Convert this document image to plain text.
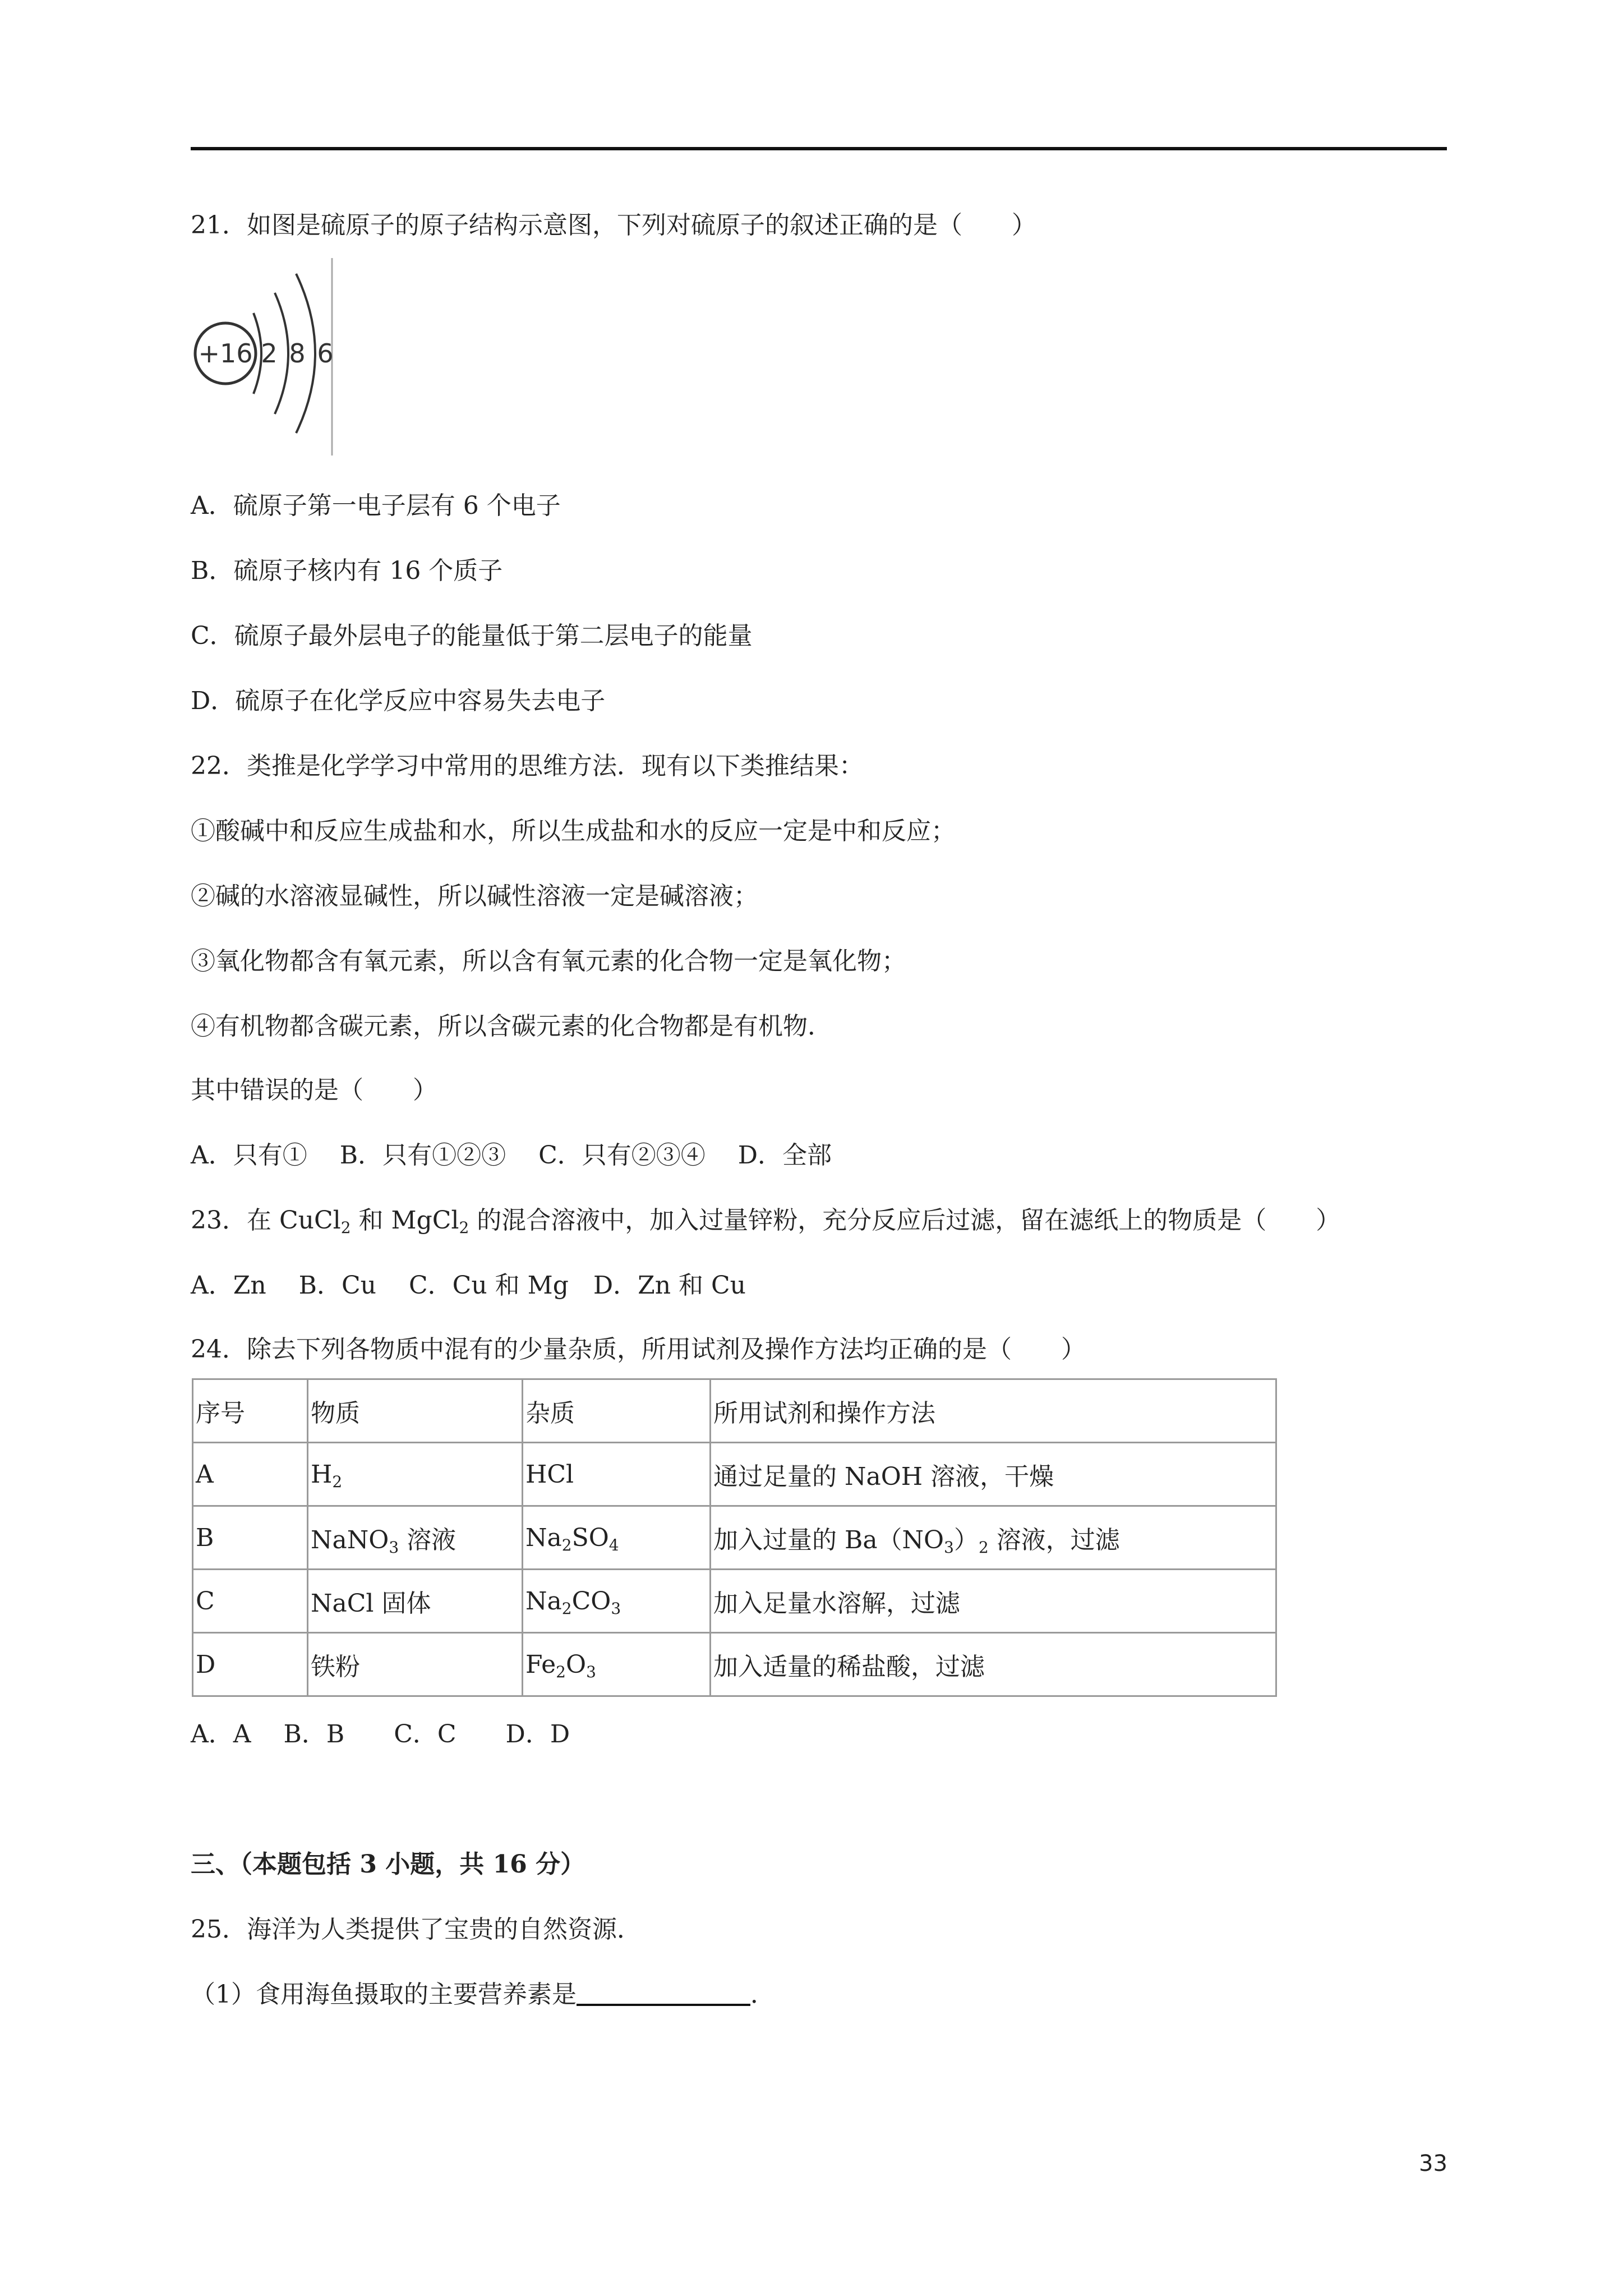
21．如图是硫原子的原子结构示意图，下列对硫原子的叙述正确的是（　　）
+16 2 8 6
A．硫原子第一电子层有 6 个电子
B．硫原子核内有 16 个质子
C．硫原子最外层电子的能量低于第二层电子的能量
D．硫原子在化学反应中容易失去电子
22．类推是化学学习中常用的思维方法．现有以下类推结果：
①酸碱中和反应生成盐和水，所以生成盐和水的反应一定是中和反应；
②碱的水溶液显碱性，所以碱性溶液一定是碱溶液；
③氧化物都含有氧元素，所以含有氧元素的化合物一定是氧化物；
④有机物都含碳元素，所以含碳元素的化合物都是有机物．
其中错误的是（　　）
A．只有①　 B．只有①②③　 C．只有②③④　 D．全部
23．在 CuCl$_2$ 和 MgCl$_2$ 的混合溶液中，加入过量锌粉，充分反应后过滤，留在滤纸上的物质是（　　）
A．Zn　 B．Cu　 C．Cu 和 Mg　D．Zn 和 Cu
24．除去下列各物质中混有的少量杂质，所用试剂及操作方法均正确的是（　　）
序号	物质	杂质	所用试剂和操作方法
A	$H_2$	HCl	通过足量的 NaOH 溶液，干燥
B	NaNO$_3$ 溶液	$Na_2SO_4$	加入过量的 $Ba(NO_3)_2$ 溶液，过滤
C	NaCl 固体	$Na_2CO_3$	加入足量水溶解，过滤
D	铁粉	$Fe_2O_3$	加入适量的稀盐酸，过滤
A．A　 B．B　　C．C　　D．D
三、（本题包括 3 小题，共 16 分）
25．海洋为人类提供了宝贵的自然资源．
（1）食用海鱼摄取的主要营养素是	．
33
